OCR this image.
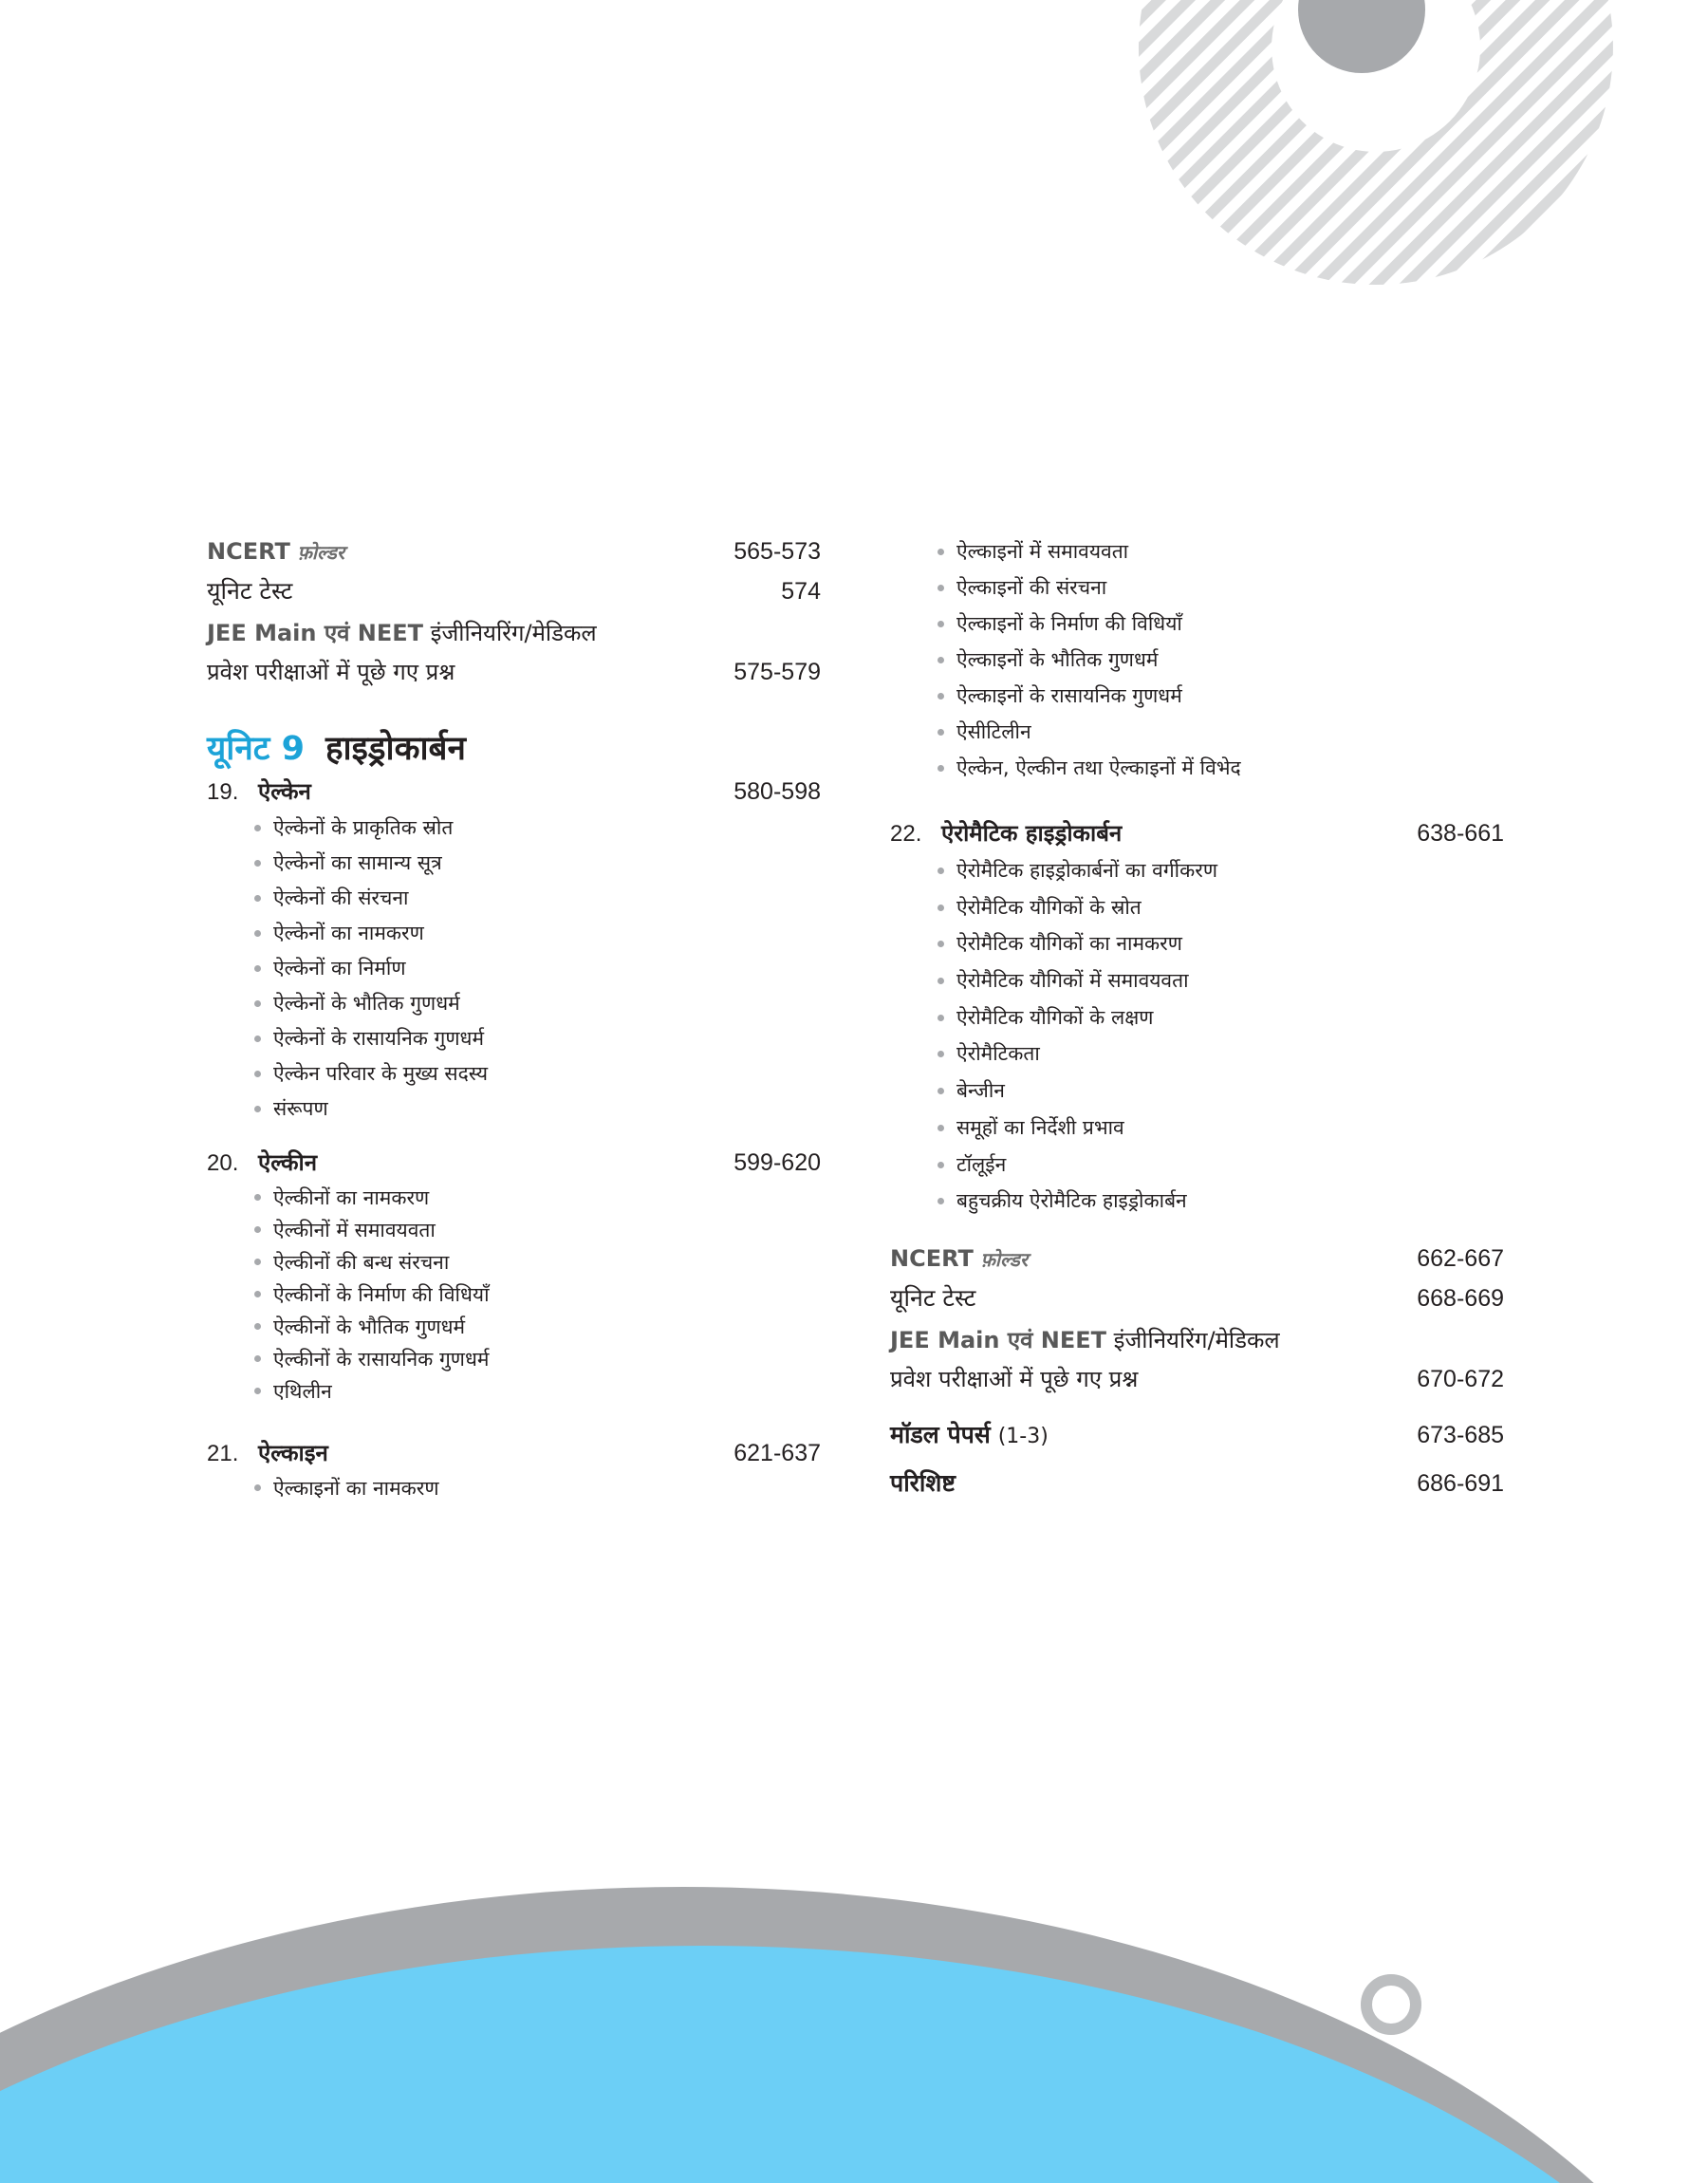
NCERT फ़ोल्डर	565-573
यूनिट टेस्ट	574
JEE Main एवं NEET इंजीनियरिंग/मेडिकल
प्रवेश परीक्षाओं में पूछे गए प्रश्न	575-579
यूनिट 9 हाइड्रोकार्बन
19. ऐल्केन	580-598
ऐल्केनों के प्राकृतिक स्रोत
ऐल्केनों का सामान्य सूत्र
ऐल्केनों की संरचना
ऐल्केनों का नामकरण
ऐल्केनों का निर्माण
ऐल्केनों के भौतिक गुणधर्म
ऐल्केनों के रासायनिक गुणधर्म
ऐल्केन परिवार के मुख्य सदस्य
संरूपण
20. ऐल्कीन	599-620
ऐल्कीनों का नामकरण
ऐल्कीनों में समावयवता
ऐल्कीनों की बन्ध संरचना
ऐल्कीनों के निर्माण की विधियाँ
ऐल्कीनों के भौतिक गुणधर्म
ऐल्कीनों के रासायनिक गुणधर्म
एथिलीन
21. ऐल्काइन	621-637
ऐल्काइनों का नामकरण
ऐल्काइनों में समावयवता
ऐल्काइनों की संरचना
ऐल्काइनों के निर्माण की विधियाँ
ऐल्काइनों के भौतिक गुणधर्म
ऐल्काइनों के रासायनिक गुणधर्म
ऐसीटिलीन
ऐल्केन, ऐल्कीन तथा ऐल्काइनों में विभेद
22. ऐरोमैटिक हाइड्रोकार्बन	638-661
ऐरोमैटिक हाइड्रोकार्बनों का वर्गीकरण
ऐरोमैटिक यौगिकों के स्रोत
ऐरोमैटिक यौगिकों का नामकरण
ऐरोमैटिक यौगिकों में समावयवता
ऐरोमैटिक यौगिकों के लक्षण
ऐरोमैटिकता
बेन्जीन
समूहों का निर्देशी प्रभाव
टॉलूईन
बहुचक्रीय ऐरोमैटिक हाइड्रोकार्बन
NCERT फ़ोल्डर	662-667
यूनिट टेस्ट	668-669
JEE Main एवं NEET इंजीनियरिंग/मेडिकल
प्रवेश परीक्षाओं में पूछे गए प्रश्न	670-672
मॉडल पेपर्स (1-3)	673-685
परिशिष्ट	686-691
